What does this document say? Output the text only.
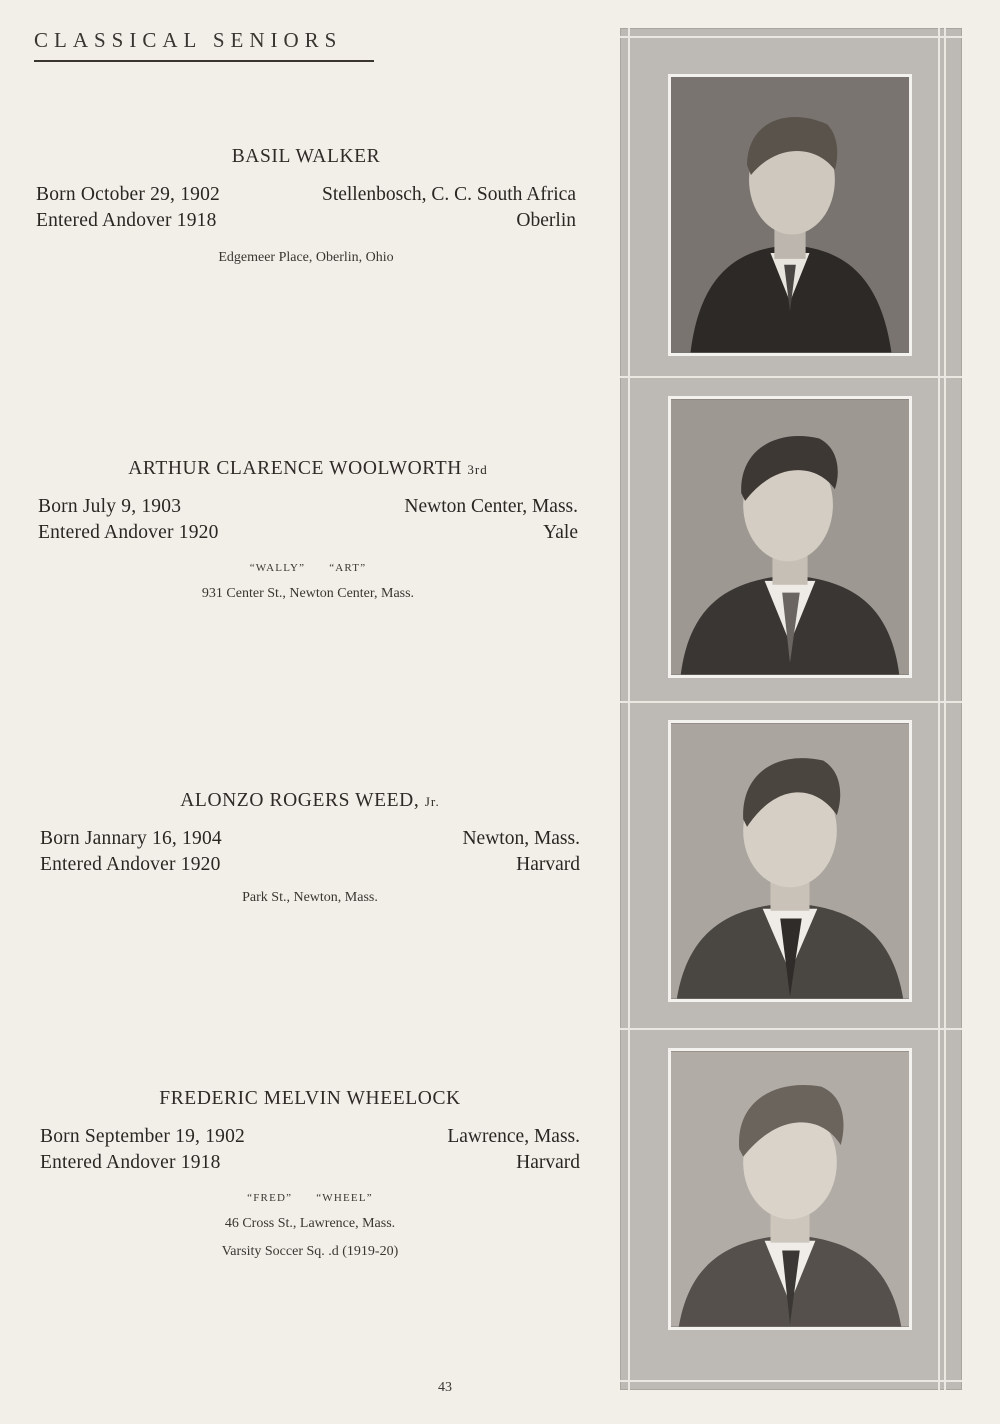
CLASSICAL SENIORS
BASIL WALKER
Born October 29, 1902	Stellenbosch, C. C. South Africa
Entered Andover 1918	Oberlin
Edgemeer Place, Oberlin, Ohio
ARTHUR CLARENCE WOOLWORTH 3rd
Born July 9, 1903	Newton Center, Mass.
Entered Andover 1920	Yale
“WALLY” “ART”
931 Center St., Newton Center, Mass.
ALONZO ROGERS WEED, Jr.
Born Jannary 16, 1904	Newton, Mass.
Entered Andover 1920	Harvard
Park St., Newton, Mass.
FREDERIC MELVIN WHEELOCK
Born September 19, 1902	Lawrence, Mass.
Entered Andover 1918	Harvard
“FRED” “WHEEL”
46 Cross St., Lawrence, Mass.
Varsity Soccer Sq. .d (1919-20)
43
